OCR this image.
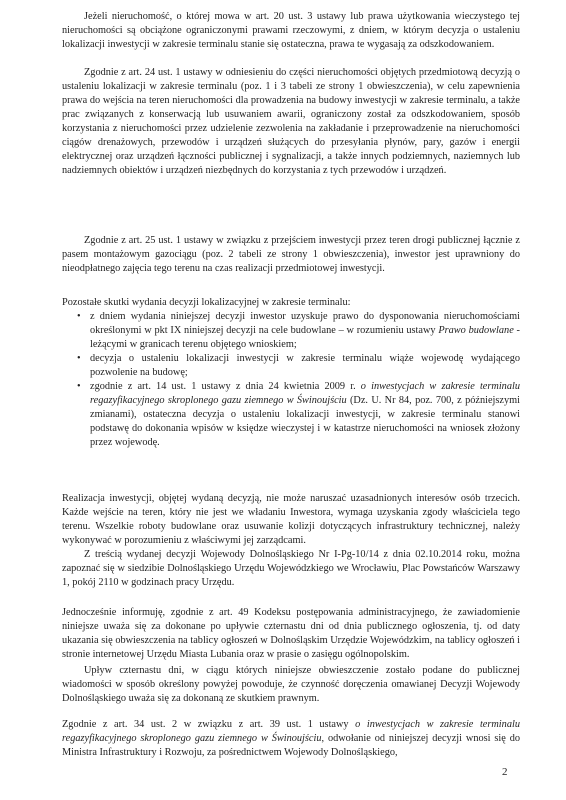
Jeżeli nieruchomość, o której mowa w art. 20 ust. 3 ustawy lub prawa użytkowania wieczystego tej nieruchomości są obciążone ograniczonymi prawami rzeczowymi, z dniem, w którym decyzja o ustaleniu lokalizacji inwestycji w zakresie terminalu stanie się ostateczna, prawa te wygasają za odszkodowaniem.

Zgodnie z art. 24 ust. 1 ustawy w odniesieniu do części nieruchomości objętych przedmiotową decyzją o ustaleniu lokalizacji w zakresie terminalu (poz. 1 i 3 tabeli ze strony 1 obwieszczenia), w celu zapewnienia prawa do wejścia na teren nieruchomości dla prowadzenia na budowy inwestycji w zakresie terminalu, a także prac związanych z konserwacją lub usuwaniem awarii, ograniczony został za odszkodowaniem, sposób korzystania z nieruchomości przez udzielenie zezwolenia na zakładanie i przeprowadzenie na nieruchomości ciągów drenażowych, przewodów i urządzeń służących do przesyłania płynów, pary, gazów i energii elektrycznej oraz urządzeń łączności publicznej i sygnalizacji, a także innych podziemnych, naziemnych lub nadziemnych obiektów i urządzeń niezbędnych do korzystania z tych przewodów i urządzeń.

Zgodnie z art. 25 ust. 1 ustawy w związku z przejściem inwestycji przez teren drogi publicznej łącznie z pasem montażowym gazociągu (poz. 2 tabeli ze strony 1 obwieszczenia), inwestor jest uprawniony do nieodpłatnego zajęcia tego terenu na czas realizacji przedmiotowej inwestycji.

Pozostałe skutki wydania decyzji lokalizacyjnej w zakresie terminalu:

• z dniem wydania niniejszej decyzji inwestor uzyskuje prawo do dysponowania nieruchomościami określonymi w pkt IX niniejszej decyzji na cele budowlane – w rozumieniu ustawy Prawo budowlane - leżącymi w granicach terenu objętego wnioskiem;
• decyzja o ustaleniu lokalizacji inwestycji w zakresie terminalu wiąże wojewodę wydającego pozwolenie na budowę;
• zgodnie z art. 14 ust. 1 ustawy z dnia 24 kwietnia 2009 r. o inwestycjach w zakresie terminalu regazyfikacyjnego skroplonego gazu ziemnego w Świnoujściu (Dz. U. Nr 84, poz. 700, z późniejszymi zmianami), ostateczna decyzja o ustaleniu lokalizacji inwestycji, w zakresie terminalu stanowi podstawę do dokonania wpisów w księdze wieczystej i w katastrze nieruchomości na wniosek złożony przez wojewodę.

Realizacja inwestycji, objętej wydaną decyzją, nie może naruszać uzasadnionych interesów osób trzecich. Każde wejście na teren, który nie jest we władaniu Inwestora, wymaga uzyskania zgody właściciela tego terenu. Wszelkie roboty budowlane oraz usuwanie kolizji dotyczących infrastruktury technicznej, należy wykonywać w porozumieniu z właściwymi jej zarządcami.

Z treścią wydanej decyzji Wojewody Dolnośląskiego Nr I-Pg-10/14 z dnia 02.10.2014 roku, można zapoznać się w siedzibie Dolnośląskiego Urzędu Wojewódzkiego we Wrocławiu, Plac Powstańców Warszawy 1, pokój 2110 w godzinach pracy Urzędu.

Jednocześnie informuję, zgodnie z art. 49 Kodeksu postępowania administracyjnego, że zawiadomienie niniejsze uważa się za dokonane po upływie czternastu dni od dnia publicznego ogłoszenia, tj. od daty ukazania się obwieszczenia na tablicy ogłoszeń w Dolnośląskim Urzędzie Wojewódzkim, na tablicy ogłoszeń i stronie internetowej Urzędu Miasta Lubania oraz w prasie o zasięgu ogólnopolskim.

Upływ czternastu dni, w ciągu których niniejsze obwieszczenie zostało podane do publicznej wiadomości w sposób określony powyżej powoduje, że czynność doręczenia omawianej Decyzji Wojewody Dolnośląskiego uważa się za dokonaną ze skutkiem prawnym.

Zgodnie z art. 34 ust. 2 w związku z art. 39 ust. 1 ustawy o inwestycjach w zakresie terminalu regazyfikacyjnego skroplonego gazu ziemnego w Świnoujściu, odwołanie od niniejszej decyzji wnosi się do Ministra Infrastruktury i Rozwoju, za pośrednictwem Wojewody Dolnośląskiego,

2
